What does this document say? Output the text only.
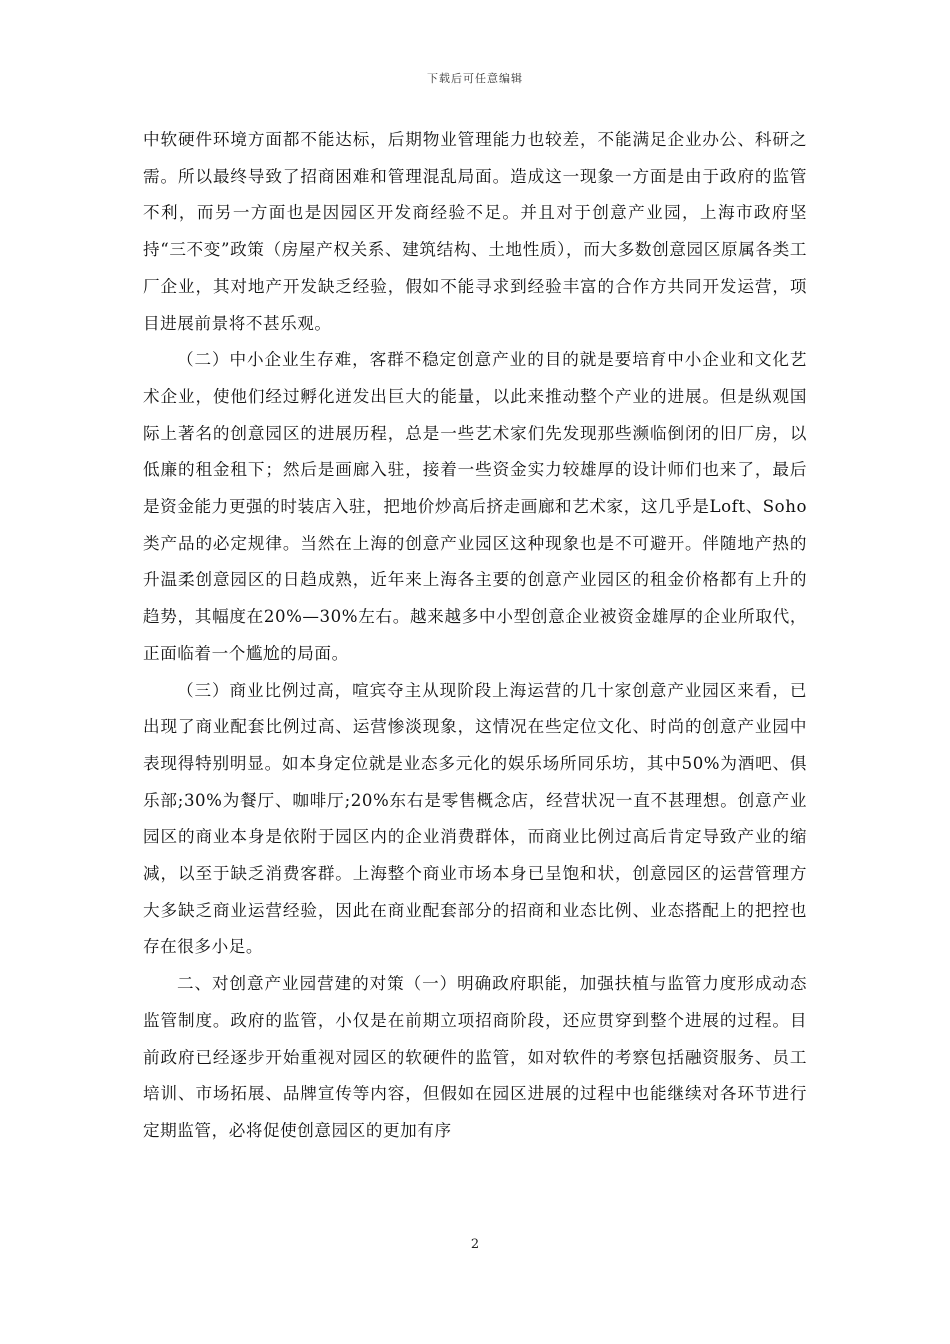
下载后可任意编辑

中软硬件环境方面都不能达标，后期物业管理能力也较差，不能满足企业办公、科研之需。所以最终导致了招商困难和管理混乱局面。造成这一现象一方面是由于政府的监管不利，而另一方面也是因园区开发商经验不足。并且对于创意产业园，上海市政府坚持“三不变”政策（房屋产权关系、建筑结构、土地性质），而大多数创意园区原属各类工厂企业，其对地产开发缺乏经验，假如不能寻求到经验丰富的合作方共同开发运营，项目进展前景将不甚乐观。

（二）中小企业生存难，客群不稳定创意产业的目的就是要培育中小企业和文化艺术企业，使他们经过孵化迸发出巨大的能量，以此来推动整个产业的进展。但是纵观国际上著名的创意园区的进展历程，总是一些艺术家们先发现那些濒临倒闭的旧厂房，以低廉的租金租下；然后是画廊入驻，接着一些资金实力较雄厚的设计师们也来了，最后是资金能力更强的时装店入驻，把地价炒高后挤走画廊和艺术家，这几乎是Loft、Soho类产品的必定规律。当然在上海的创意产业园区这种现象也是不可避开。伴随地产热的升温柔创意园区的日趋成熟，近年来上海各主要的创意产业园区的租金价格都有上升的趋势，其幅度在20%—30%左右。越来越多中小型创意企业被资金雄厚的企业所取代，正面临着一个尴尬的局面。

（三）商业比例过高，喧宾夺主从现阶段上海运营的几十家创意产业园区来看，已出现了商业配套比例过高、运营惨淡现象，这情况在些定位文化、时尚的创意产业园中表现得特别明显。如本身定位就是业态多元化的娱乐场所同乐坊，其中50%为酒吧、俱乐部;30%为餐厅、咖啡厅;20%东右是零售概念店，经营状况一直不甚理想。创意产业园区的商业本身是依附于园区内的企业消费群体，而商业比例过高后肯定导致产业的缩减，以至于缺乏消费客群。上海整个商业市场本身已呈饱和状，创意园区的运营管理方大多缺乏商业运营经验，因此在商业配套部分的招商和业态比例、业态搭配上的把控也存在很多小足。

二、对创意产业园营建的对策（一）明确政府职能，加强扶植与监管力度形成动态监管制度。政府的监管，小仅是在前期立项招商阶段，还应贯穿到整个进展的过程。目前政府已经逐步开始重视对园区的软硬件的监管，如对软件的考察包括融资服务、员工培训、市场拓展、品牌宣传等内容，但假如在园区进展的过程中也能继续对各环节进行定期监管，必将促使创意园区的更加有序

2
